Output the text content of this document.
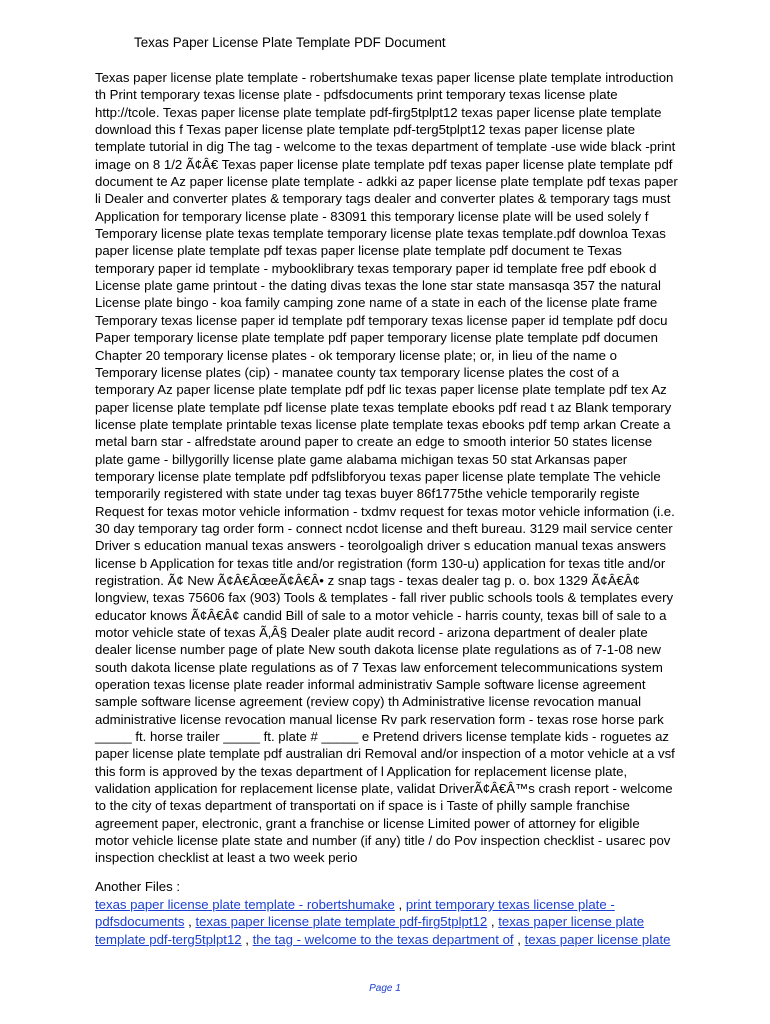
Texas Paper License Plate Template PDF Document
Texas paper license plate template - robertshumake texas paper license plate template introduction
th Print temporary texas license plate - pdfsdocuments print temporary texas license plate
http://tcole. Texas paper license plate template pdf-firg5tplpt12 texas paper license plate template
download this f Texas paper license plate template pdf-terg5tplpt12 texas paper license plate
template tutorial in dig The tag - welcome to the texas department of template -use wide black -print
image on 8 1/2 Ã¢Â€ Texas paper license plate template pdf texas paper license plate template pdf
document te Az paper license plate template - adkki az paper license plate template pdf texas paper
li Dealer and converter plates & temporary tags dealer and converter plates & temporary tags must
Application for temporary license plate - 83091 this temporary license plate will be used solely f
Temporary license plate texas template temporary license plate texas template.pdf downloa Texas
paper license plate template pdf texas paper license plate template pdf document te Texas
temporary paper id template - mybooklibrary texas temporary paper id template free pdf ebook d
License plate game printout - the dating divas texas the lone star state mansasqa 357 the natural
License plate bingo - koa family camping zone name of a state in each of the license plate frame
Temporary texas license paper id template pdf temporary texas license paper id template pdf docu
Paper temporary license plate template pdf paper temporary license plate template pdf documen
Chapter 20 temporary license plates - ok temporary license plate; or, in lieu of the name o
Temporary license plates (cip) - manatee county tax temporary license plates the cost of a
temporary Az paper license plate template pdf pdf lic texas paper license plate template pdf tex Az
paper license plate template pdf license plate texas template ebooks pdf read t az Blank temporary
license plate template printable texas license plate template texas ebooks pdf temp arkan Create a
metal barn star - alfredstate around paper to create an edge to smooth interior 50 states license
plate game - billygorilly license plate game alabama michigan texas 50 stat Arkansas paper
temporary license plate template pdf pdfslibforyou texas paper license plate template The vehicle
temporarily registered with state under tag texas buyer 86f1775the vehicle temporarily registe
Request for texas motor vehicle information - txdmv request for texas motor vehicle information (i.e.
30 day temporary tag order form - connect ncdot license and theft bureau. 3129 mail service center
Driver s education manual texas answers - teorolgoaligh driver s education manual texas answers
license b Application for texas title and/or registration (form 130-u) application for texas title and/or
registration. Ã¢ New Ã¢Â€ÂœeÃ¢Â€Â• z snap tags - texas dealer tag p. o. box 1329 Ã¢Â€Â¢
longview, texas 75606 fax (903) Tools & templates - fall river public schools tools & templates every
educator knows Ã¢Â€Â¢ candid Bill of sale to a motor vehicle - harris county, texas bill of sale to a
motor vehicle state of texas Ã‚Â§ Dealer plate audit record - arizona department of dealer plate
dealer license number page of plate New south dakota license plate regulations as of 7-1-08 new
south dakota license plate regulations as of 7 Texas law enforcement telecommunications system
operation texas license plate reader informal administrativ Sample software license agreement
sample software license agreement (review copy) th Administrative license revocation manual
administrative license revocation manual license Rv park reservation form - texas rose horse park
_____ ft. horse trailer _____ ft. plate # _____ e Pretend drivers license template kids - roguetes az
paper license plate template pdf australian dri Removal and/or inspection of a motor vehicle at a vsf
this form is approved by the texas department of l Application for replacement license plate,
validation application for replacement license plate, validat DriverÃ¢Â€Â™s crash report - welcome
to the city of texas department of transportati on if space is i Taste of philly sample franchise
agreement paper, electronic, grant a franchise or license Limited power of attorney for eligible
motor vehicle license plate state and number (if any) title / do Pov inspection checklist - usarec pov
inspection checklist at least a two week perio
Another Files :
texas paper license plate template - robertshumake , print temporary texas license plate -
pdfsdocuments , texas paper license plate template pdf-firg5tplpt12 , texas paper license plate
template pdf-terg5tplpt12 , the tag - welcome to the texas department of , texas paper license plate
Page 1
